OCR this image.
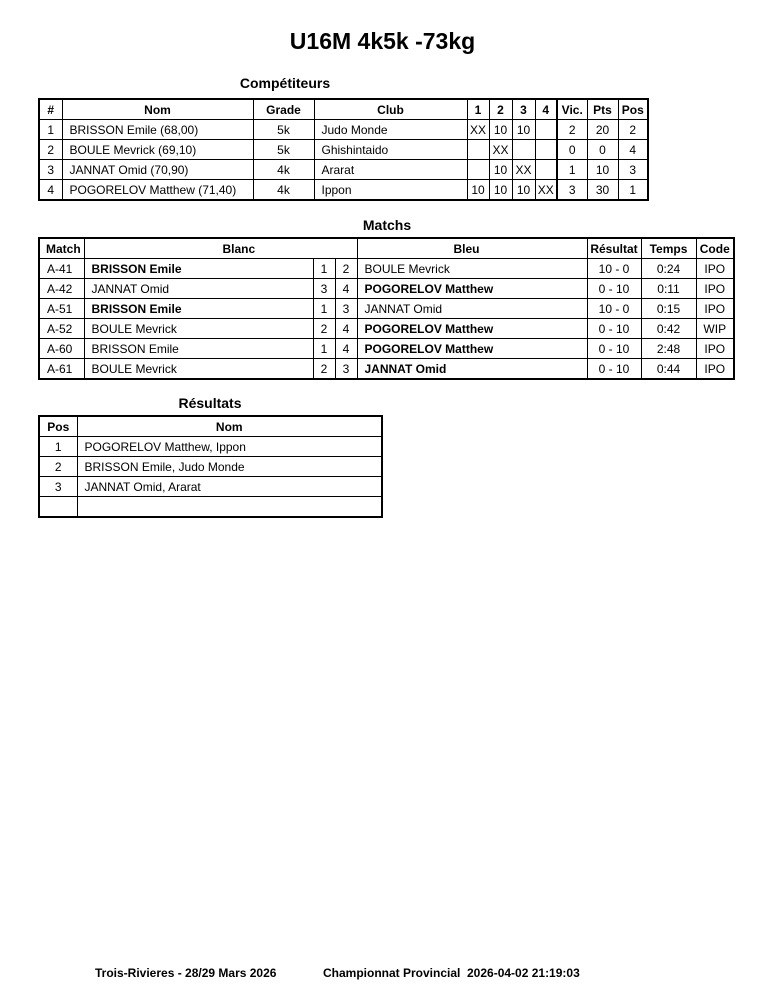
U16M 4k5k -73kg
Compétiteurs
#	Nom	Grade	Club	1	2	3	4	Vic.	Pts	Pos
1	BRISSON Emile (68,00)	5k	Judo Monde	XX	10	10		2	20	2
2	BOULE Mevrick (69,10)	5k	Ghishintaido		XX			0	0	4
3	JANNAT Omid (70,90)	4k	Ararat		10	XX		1	10	3
4	POGORELOV Matthew (71,40)	4k	Ippon	10	10	10	XX	3	30	1
Matchs
Match	Blanc			Bleu	Résultat	Temps	Code
A-41	BRISSON Emile	1	2	BOULE Mevrick	10 - 0	0:24	IPO
A-42	JANNAT Omid	3	4	POGORELOV Matthew	0 - 10	0:11	IPO
A-51	BRISSON Emile	1	3	JANNAT Omid	10 - 0	0:15	IPO
A-52	BOULE Mevrick	2	4	POGORELOV Matthew	0 - 10	0:42	WIP
A-60	BRISSON Emile	1	4	POGORELOV Matthew	0 - 10	2:48	IPO
A-61	BOULE Mevrick	2	3	JANNAT Omid	0 - 10	0:44	IPO
Résultats
Pos	Nom
1	POGORELOV Matthew, Ippon
2	BRISSON Emile, Judo Monde
3	JANNAT Omid, Ararat

Trois-Rivieres - 28/29 Mars 2026	Championnat Provincial 2026-04-02 21:19:03
